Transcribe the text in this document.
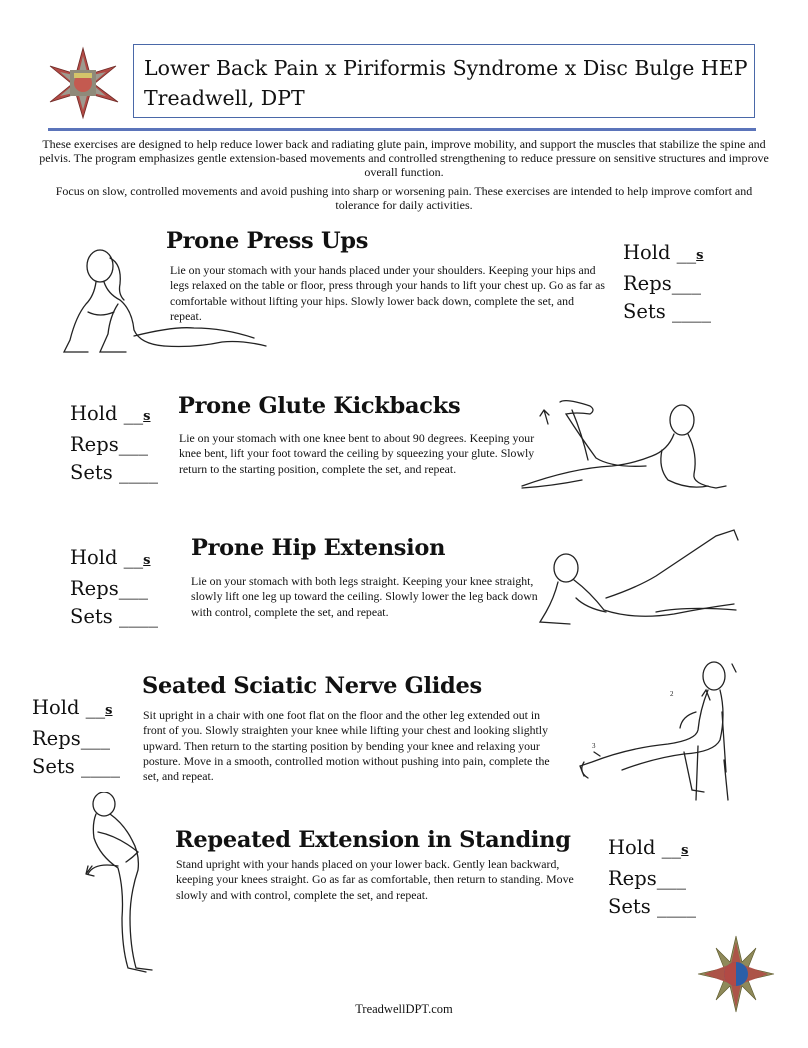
Lower Back Pain x Piriformis Syndrome x Disc Bulge HEP
Treadwell, DPT
These exercises are designed to help reduce lower back and radiating glute pain, improve mobility, and support the muscles that stabilize the spine and pelvis. The program emphasizes gentle extension-based movements and controlled strengthening to reduce pressure on sensitive structures and improve overall function.
Focus on slow, controlled movements and avoid pushing into sharp or worsening pain. These exercises are intended to help improve comfort and tolerance for daily activities.
Prone Press Ups
Lie on your stomach with your hands placed under your shoulders. Keeping your hips and legs relaxed on the table or floor, press through your hands to lift your chest up. Go as far as comfortable without lifting your hips. Slowly lower back down, complete the set, and repeat.
Hold __s
Reps___
Sets ____
Hold __s
Reps___
Sets ____
Prone Glute Kickbacks
Lie on your stomach with one knee bent to about 90 degrees. Keeping your knee bent, lift your foot toward the ceiling by squeezing your glute. Slowly return to the starting position, complete the set, and repeat.
Hold __s
Reps___
Sets ____
Prone Hip Extension
Lie on your stomach with both legs straight. Keeping your knee straight, slowly lift one leg up toward the ceiling. Slowly lower the leg back down with control, complete the set, and repeat.
Seated Sciatic Nerve Glides
Hold __s
Reps___
Sets ____
Sit upright in a chair with one foot flat on the floor and the other leg extended out in front of you. Slowly straighten your knee while lifting your chest and looking slightly upward. Then return to the starting position by bending your knee and relaxing your posture. Move in a smooth, controlled motion without pushing into pain, complete the set, and repeat.
2
3
Repeated Extension in Standing
Stand upright with your hands placed on your lower back. Gently lean backward, keeping your knees straight. Go as far as comfortable, then return to standing. Move slowly and with control, complete the set, and repeat.
Hold __s
Reps___
Sets ____
TreadwellDPT.com
